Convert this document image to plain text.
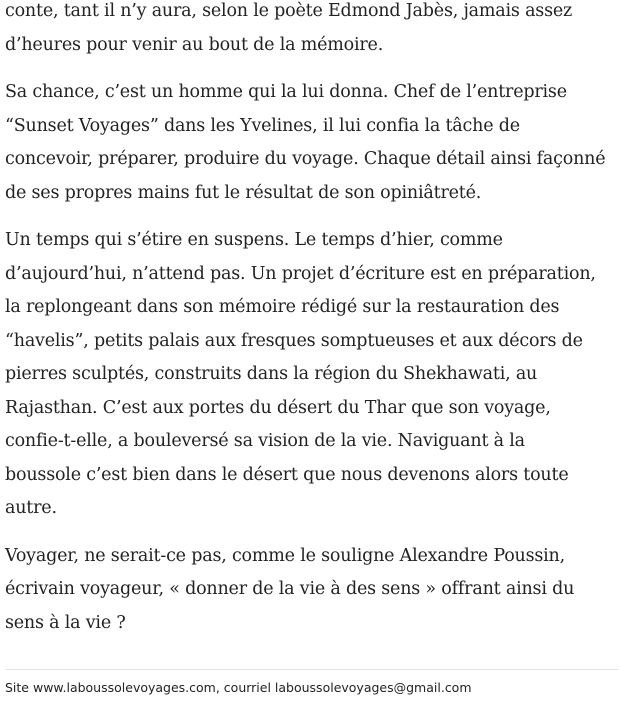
conte, tant il n’y aura, selon le poète Edmond Jabès, jamais assez
d’heures pour venir au bout de la mémoire.

Sa chance, c’est un homme qui la lui donna. Chef de l’entreprise
“Sunset Voyages” dans les Yvelines, il lui confia la tâche de
concevoir, préparer, produire du voyage. Chaque détail ainsi façonné
de ses propres mains fut le résultat de son opiniâtreté.

Un temps qui s’étire en suspens. Le temps d’hier, comme
d’aujourd’hui, n’attend pas. Un projet d’écriture est en préparation,
la replongeant dans son mémoire rédigé sur la restauration des
“havelis”, petits palais aux fresques somptueuses et aux décors de
pierres sculptés, construits dans la région du Shekhawati, au
Rajasthan. C’est aux portes du désert du Thar que son voyage,
confie-t-elle, a bouleversé sa vision de la vie. Naviguant à la
boussole c’est bien dans le désert que nous devenons alors toute
autre.

Voyager, ne serait-ce pas, comme le souligne Alexandre Poussin,
écrivain voyageur, « donner de la vie à des sens » offrant ainsi du
sens à la vie ?

Site www.laboussolevoyages.com, courriel laboussolevoyages@gmail.com
